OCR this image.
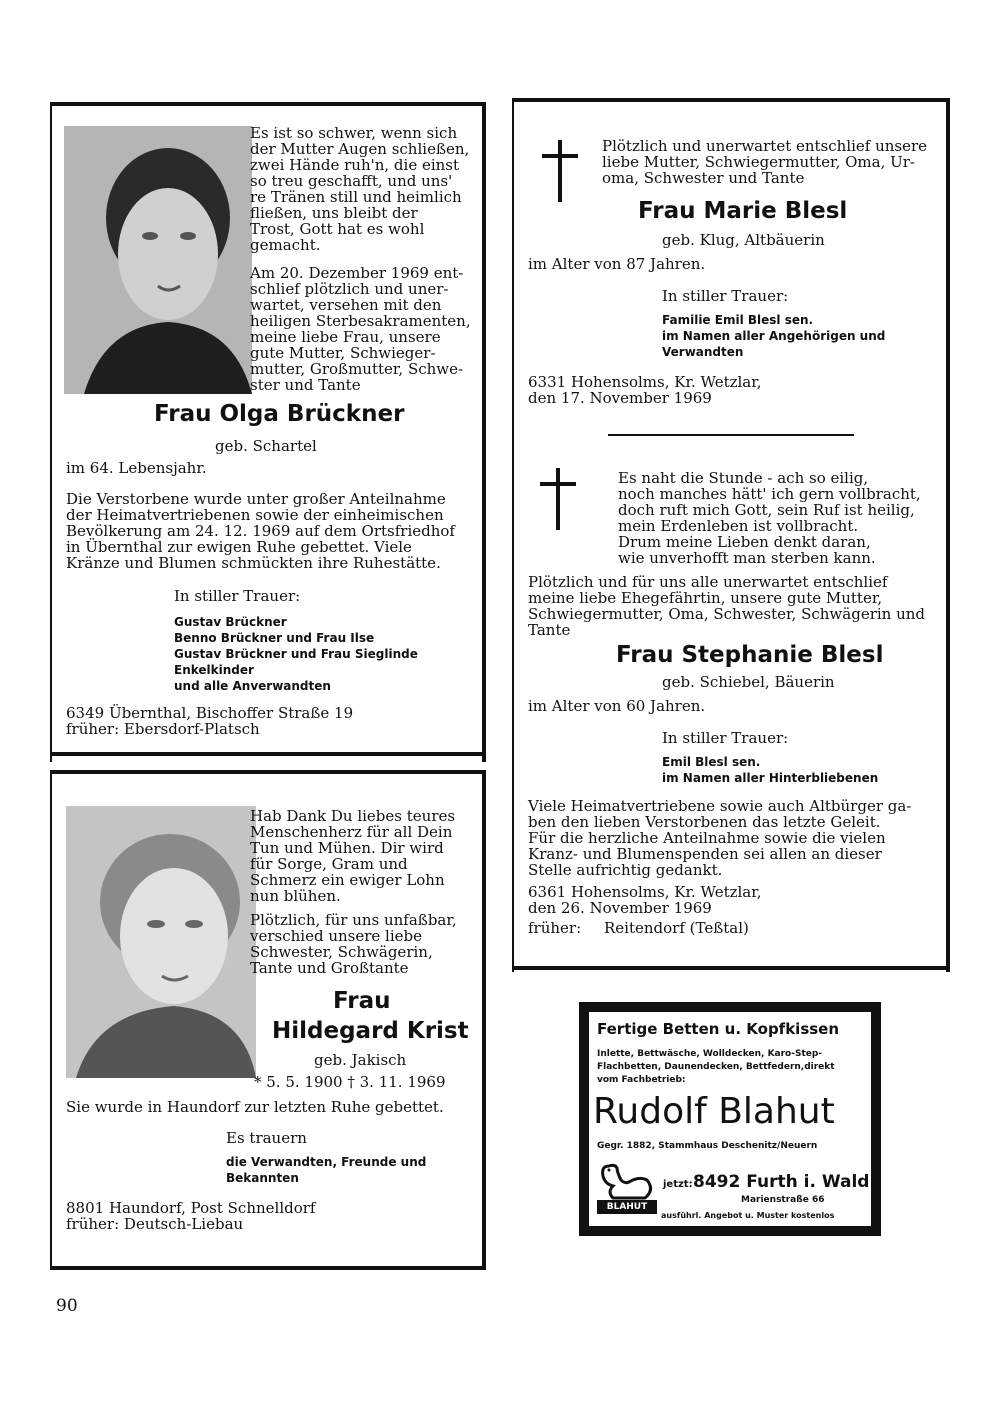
Es ist so schwer, wenn sich
der Mutter Augen schließen,
zwei Hände ruh'n, die einst
so treu geschafft, und uns'
re Tränen still und heimlich
fließen, uns bleibt der
Trost, Gott hat es wohl
gemacht.

Am 20. Dezember 1969 ent-
schlief plötzlich und uner-
wartet, versehen mit den
heiligen Sterbesakramenten,
meine liebe Frau, unsere
gute Mutter, Schwieger-
mutter, Großmutter, Schwe-
ster und Tante

Frau Olga Brückner

geb. Schartel

im 64. Lebensjahr.

Die Verstorbene wurde unter großer Anteilnahme
der Heimatvertriebenen sowie der einheimischen
Bevölkerung am 24. 12. 1969 auf dem Ortsfriedhof
in Übernthal zur ewigen Ruhe gebettet. Viele
Kränze und Blumen schmückten ihre Ruhestätte.

In stiller Trauer:

Gustav Brückner
Benno Brückner und Frau Ilse
Gustav Brückner und Frau Sieglinde
Enkelkinder
und alle Anverwandten

6349 Übernthal, Bischoffer Straße 19
früher: Ebersdorf-Platsch

Hab Dank Du liebes teures
Menschenherz für all Dein
Tun und Mühen. Dir wird
für Sorge, Gram und
Schmerz ein ewiger Lohn
nun blühen.

Plötzlich, für uns unfaßbar,
verschied unsere liebe
Schwester, Schwägerin,
Tante und Großtante

Frau

Hildegard Krist

geb. Jakisch

* 5. 5. 1900 † 3. 11. 1969

Sie wurde in Haundorf zur letzten Ruhe gebettet.

Es trauern

die Verwandten, Freunde und
Bekannten

8801 Haundorf, Post Schnelldorf
früher: Deutsch-Liebau

Plötzlich und unerwartet entschlief unsere
liebe Mutter, Schwiegermutter, Oma, Ur-
oma, Schwester und Tante

Frau Marie Blesl

geb. Klug, Altbäuerin

im Alter von 87 Jahren.

In stiller Trauer:

Familie Emil Blesl sen.
im Namen aller Angehörigen und
Verwandten

6331 Hohensolms, Kr. Wetzlar,
den 17. November 1969

Es naht die Stunde - ach so eilig,
noch manches hätt' ich gern vollbracht,
doch ruft mich Gott, sein Ruf ist heilig,
mein Erdenleben ist vollbracht.
Drum meine Lieben denkt daran,
wie unverhofft man sterben kann.

Plötzlich und für uns alle unerwartet entschlief
meine liebe Ehegefährtin, unsere gute Mutter,
Schwiegermutter, Oma, Schwester, Schwägerin und
Tante

Frau Stephanie Blesl

geb. Schiebel, Bäuerin

im Alter von 60 Jahren.

In stiller Trauer:

Emil Blesl sen.
im Namen aller Hinterbliebenen

Viele Heimatvertriebene sowie auch Altbürger ga-
ben den lieben Verstorbenen das letzte Geleit.
Für die herzliche Anteilnahme sowie die vielen
Kranz- und Blumenspenden sei allen an dieser
Stelle aufrichtig gedankt.

6361 Hohensolms, Kr. Wetzlar,
den 26. November 1969

früher: Reitendorf (Teßtal)

Fertige Betten u. Kopfkissen

Inlette, Bettwäsche, Wolldecken, Karo-Step-
Flachbetten, Daunendecken, Bettfedern,direkt
vom Fachbetrieb:

Rudolf Blahut

Gegr. 1882, Stammhaus Deschenitz/Neuern

BLAHUT

jetzt: 8492 Furth i. Wald

Marienstraße 66

ausführl. Angebot u. Muster kostenlos

90
